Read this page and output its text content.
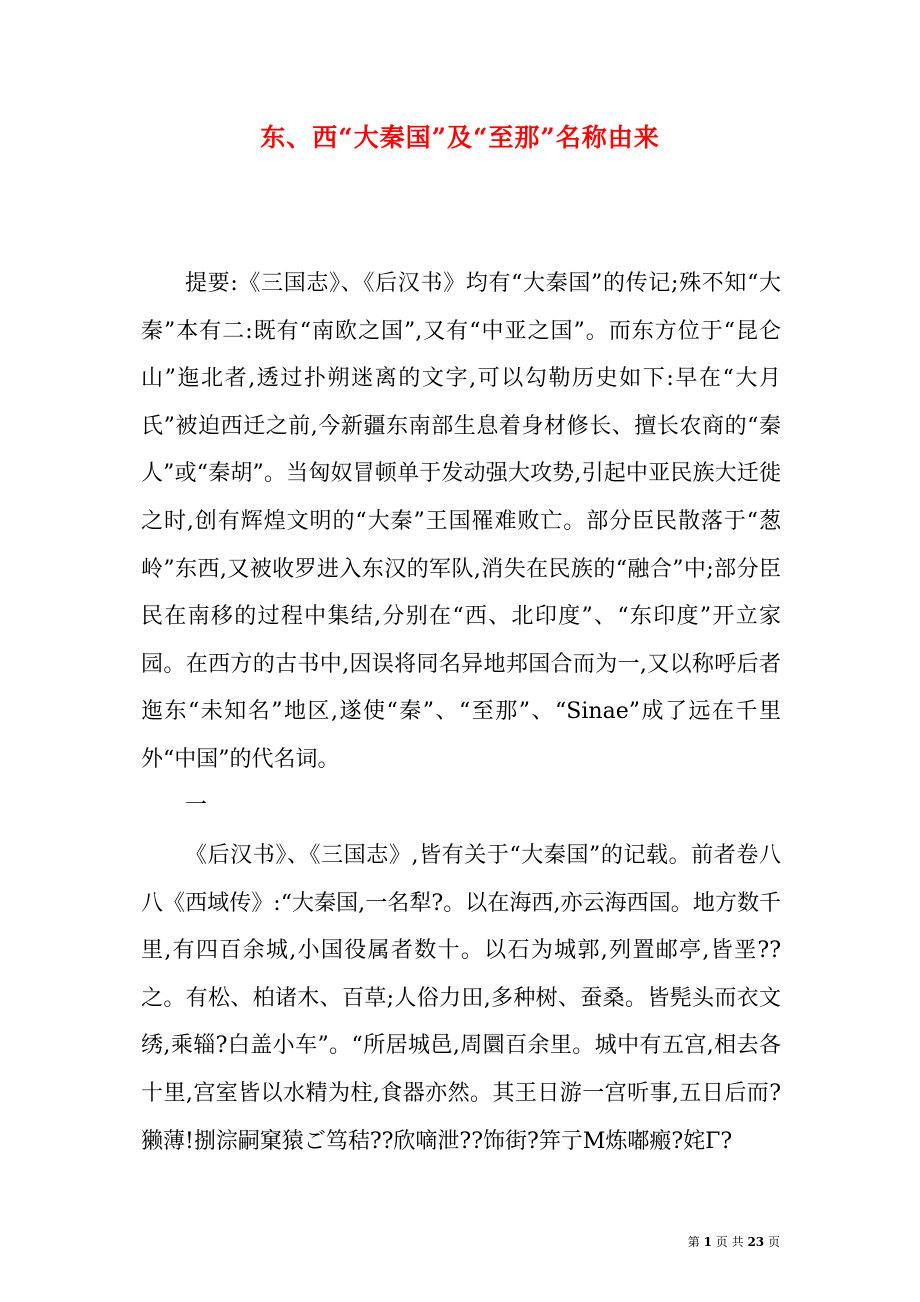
东、西“大秦国”及“至那”名称由来

提要:《三国志》、《后汉书》均有“大秦国”的传记;殊不知“大秦”本有二:既有“南欧之国”,又有“中亚之国”。而东方位于“昆仑山”迤北者,透过扑朔迷离的文字,可以勾勒历史如下:早在“大月氏”被迫西迁之前,今新疆东南部生息着身材修长、擅长农商的“秦人”或“秦胡”。当匈奴冒顿单于发动强大攻势,引起中亚民族大迁徙之时,创有辉煌文明的“大秦”王国罹难败亡。部分臣民散落于“葱岭”东西,又被收罗进入东汉的军队,消失在民族的“融合”中;部分臣民在南移的过程中集结,分别在“西、北印度”、“东印度”开立家园。在西方的古书中,因误将同名异地邦国合而为一,又以称呼后者迤东“未知名”地区,遂使“秦”、“至那”、“Sinae”成了远在千里外“中国”的代名词。

一

《后汉书》、《三国志》,皆有关于“大秦国”的记载。前者卷八八《西域传》:“大秦国,一名犁?。以在海西,亦云海西国。地方数千里,有四百余城,小国役属者数十。以石为城郭,列置邮亭,皆垩??之。有松、柏诸木、百草;人俗力田,多种树、蚕桑。皆髡头而衣文绣,乘辎?白盖小车”。“所居城邑,周圜百余里。城中有五宫,相去各十里,宫室皆以水精为柱,食器亦然。其王日游一宫听事,五日后而?獭薄!捌淙嗣窠猿ご笃秸??欣嘀泄??饰街?笄亍M炼嘟瘢?姹Γ?

第 1 页 共 23 页
